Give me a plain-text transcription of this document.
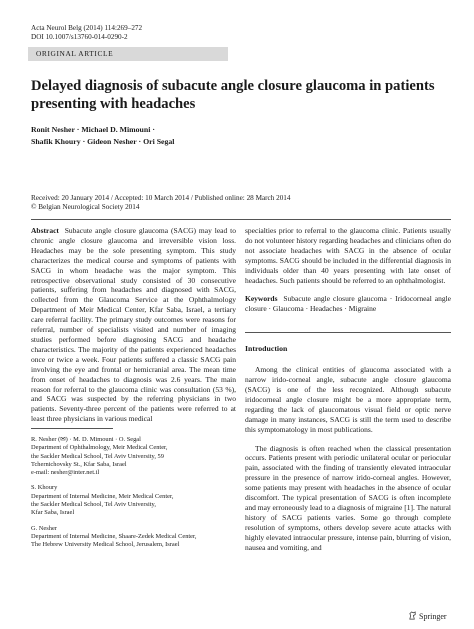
Acta Neurol Belg (2014) 114:269–272
DOI 10.1007/s13760-014-0290-2
ORIGINAL ARTICLE
Delayed diagnosis of subacute angle closure glaucoma in patients presenting with headaches
Ronit Nesher · Michael D. Mimouni ·
Shafik Khoury · Gideon Nesher · Ori Segal
Received: 20 January 2014 / Accepted: 10 March 2014 / Published online: 28 March 2014
© Belgian Neurological Society 2014

Abstract Subacute angle closure glaucoma (SACG) may lead to chronic angle closure glaucoma and irreversible vision loss. Headaches may be the sole presenting symptom. This study characterizes the medical course and symptoms of patients with SACG in whom headache was the major symptom. This retrospective observational study consisted of 30 consecutive patients, suffering from headaches and diagnosed with SACG, collected from the Glaucoma Service at the Ophthalmology Department of Meir Medical Center, Kfar Saba, Israel, a tertiary care referral facility. The primary study outcomes were reasons for referral, number of specialists visited and number of imaging studies performed before diagnosing SACG and headache characteristics. The majority of the patients experienced headaches once or twice a week. Four patients suffered a classic SACG pain involving the eye and frontal or hemicranial area. The mean time from onset of headaches to diagnosis was 2.6 years. The main reason for referral to the glaucoma clinic was consultation (53 %), and SACG was suspected by the referring physicians in two patients. Seventy-three percent of the patients were referred to at least three physicians in various medical

R. Nesher (✉) · M. D. Mimouni · O. Segal
Department of Ophthalmology, Meir Medical Center,
the Sackler Medical School, Tel Aviv University, 59
Tchernichovsky St., Kfar Saba, Israel
e-mail: nesher@inter.net.il
S. Khoury
Department of Internal Medicine, Meir Medical Center,
the Sackler Medical School, Tel Aviv University,
Kfar Saba, Israel
G. Nesher
Department of Internal Medicine, Shaare-Zedek Medical Center,
The Hebrew University Medical School, Jerusalem, Israel

specialties prior to referral to the glaucoma clinic. Patients usually do not volunteer history regarding headaches and clinicians often do not associate headaches with SACG in the absence of ocular symptoms. SACG should be included in the differential diagnosis in individuals older than 40 years presenting with late onset of headaches. Such patients should be referred to an ophthalmologist.

Keywords Subacute angle closure glaucoma · Iridocorneal angle closure · Glaucoma · Headaches · Migraine

Introduction

Among the clinical entities of glaucoma associated with a narrow irido-corneal angle, subacute angle closure glaucoma (SACG) is one of the less recognized. Although subacute iridocorneal angle closure might be a more appropriate term, regarding the lack of glaucomatous visual field or optic nerve damage in many instances, SACG is still the term used to describe this symptomatology in most publications.

The diagnosis is often reached when the classical presentation occurs. Patients present with periodic unilateral ocular or periocular pain, associated with the finding of transiently elevated intraocular pressure in the presence of narrow irido-corneal angles. However, some patients may present with headaches in the absence of ocular discomfort. The typical presentation of SACG is often incomplete and may erroneously lead to a diagnosis of migraine [1]. The natural history of SACG patients varies. Some go through complete resolution of symptoms, others develop severe acute attacks with highly elevated intraocular pressure, intense pain, blurring of vision, nausea and vomiting, and

Springer
